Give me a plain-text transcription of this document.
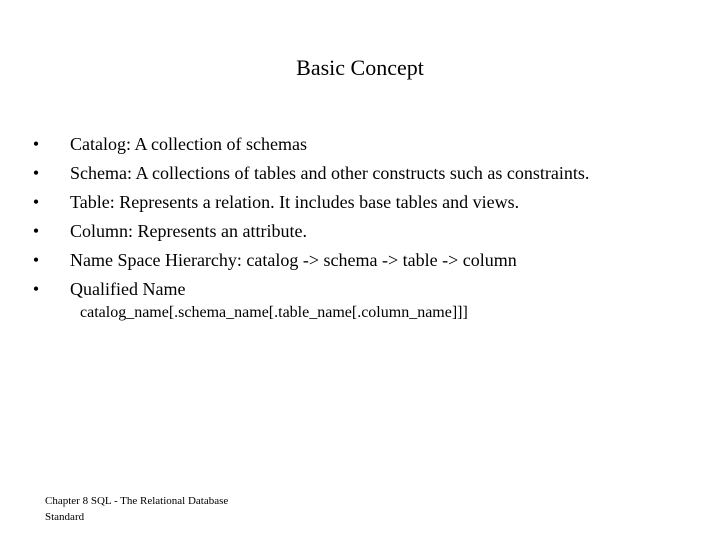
Basic Concept
• Catalog: A collection of schemas
• Schema: A collections of tables and other constructs such as constraints.
• Table: Represents a relation. It includes base tables and views.
• Column: Represents an attribute.
• Name Space Hierarchy: catalog -> schema -> table -> column
• Qualified Name
catalog_name[.schema_name[.table_name[.column_name]]]
Chapter 8 SQL - The Relational Database
Standard
